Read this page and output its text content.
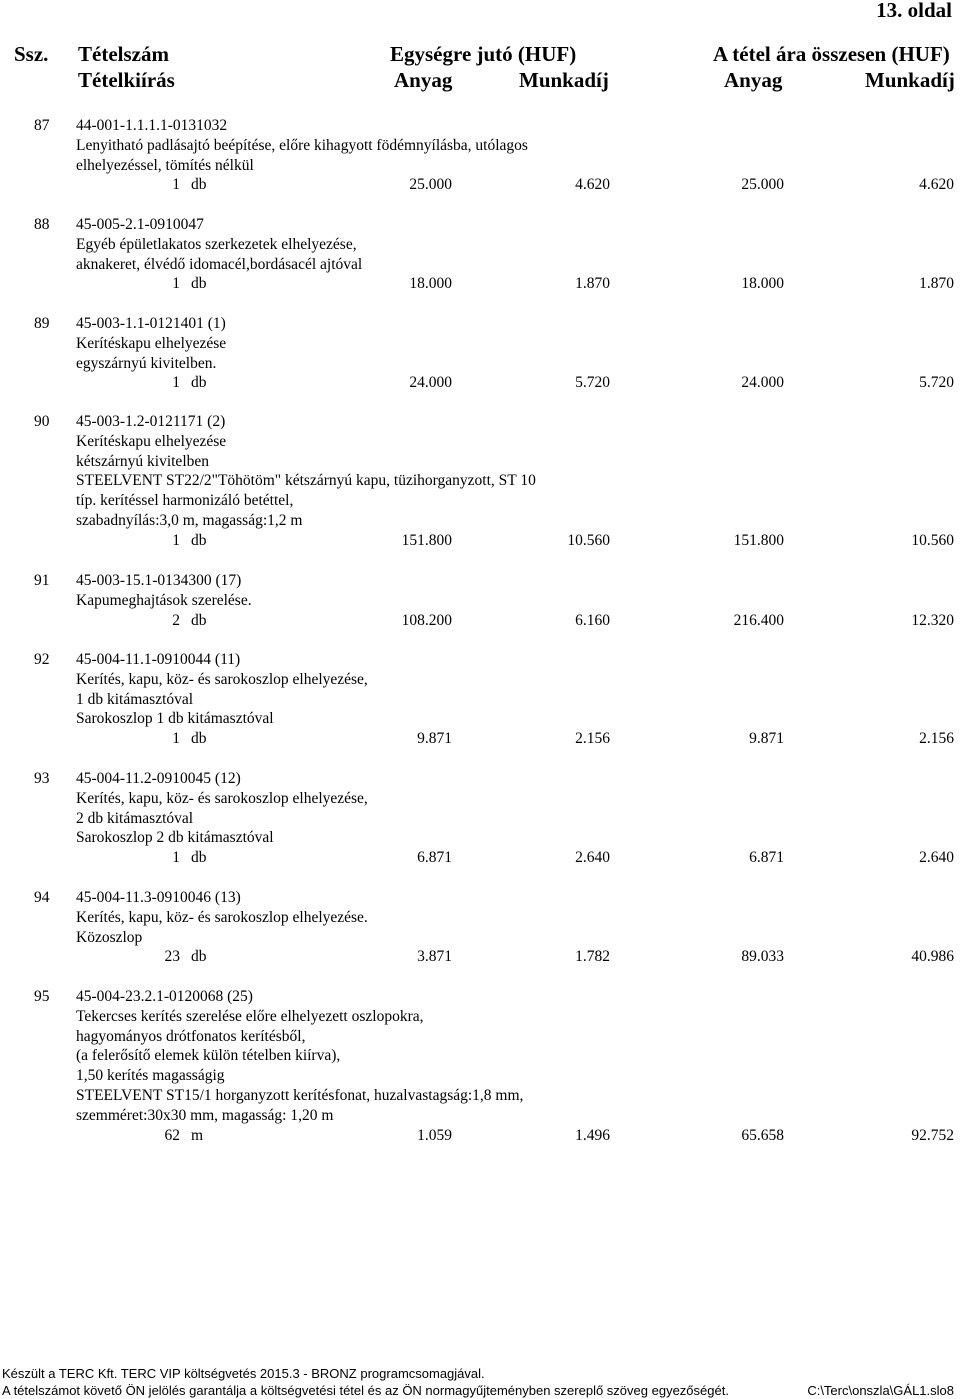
13. oldal
Ssz. Tételszám	Egységre jutó (HUF)	A tétel ára összesen (HUF)
Tételkiírás	Anyag	Munkadíj	Anyag	Munkadíj
87 44-001-1.1.1.1-0131032
Lenyitható padlásajtó beépítése, előre kihagyott födémnyílásba, utólagos
elhelyezéssel, tömítés nélkül
1 db	25.000	4.620	25.000	4.620
88 45-005-2.1-0910047
Egyéb épületlakatos szerkezetek elhelyezése,
aknakeret, élvédő idomacél,bordásacél ajtóval
1 db	18.000	1.870	18.000	1.870
89 45-003-1.1-0121401 (1)
Kerítéskapu elhelyezése
egyszárnyú kivitelben.
1 db	24.000	5.720	24.000	5.720
90 45-003-1.2-0121171 (2)
Kerítéskapu elhelyezése
kétszárnyú kivitelben
STEELVENT ST22/2"Töhötöm" kétszárnyú kapu, tüzihorganyzott, ST 10
típ. kerítéssel harmonizáló betéttel,
szabadnyílás:3,0 m, magasság:1,2 m
1 db	151.800	10.560	151.800	10.560
91 45-003-15.1-0134300 (17)
Kapumeghajtások szerelése.
2 db	108.200	6.160	216.400	12.320
92 45-004-11.1-0910044 (11)
Kerítés, kapu, köz- és sarokoszlop elhelyezése,
1 db kitámasztóval
Sarokoszlop 1 db kitámasztóval
1 db	9.871	2.156	9.871	2.156
93 45-004-11.2-0910045 (12)
Kerítés, kapu, köz- és sarokoszlop elhelyezése,
2 db kitámasztóval
Sarokoszlop 2 db kitámasztóval
1 db	6.871	2.640	6.871	2.640
94 45-004-11.3-0910046 (13)
Kerítés, kapu, köz- és sarokoszlop elhelyezése.
Közoszlop
23 db	3.871	1.782	89.033	40.986
95 45-004-23.2.1-0120068 (25)
Tekercses kerítés szerelése előre elhelyezett oszlopokra,
hagyományos drótfonatos kerítésből,
(a felerősítő elemek külön tételben kiírva),
1,50 kerítés magasságig
STEELVENT ST15/1 horganyzott kerítésfonat, huzalvastagság:1,8 mm,
szemméret:30x30 mm, magasság: 1,20 m
62 m	1.059	1.496	65.658	92.752
Készült a TERC Kft. TERC VIP költségvetés 2015.3 - BRONZ programcsomagjával.
A tételszámot követő ÖN jelölés garantálja a költségvetési tétel és az ÖN normagyűjteményben szereplő szöveg egyezőségét.	C:\Terc\onszla\GÁL1.slo8
